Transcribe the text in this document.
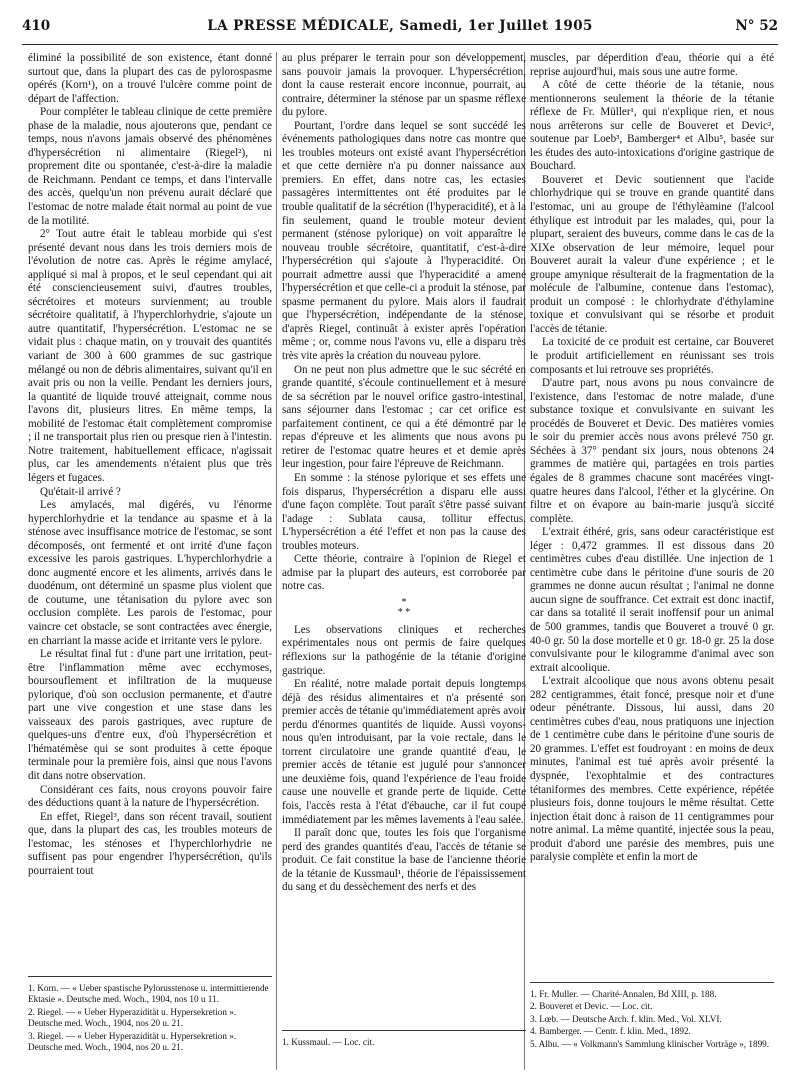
410	LA PRESSE MÉDICALE, Samedi, 1er Juillet 1905	N° 52

éliminé la possibilité de son existence, étant donné surtout que, dans la plupart des cas de pylorospasme opérés (Korn¹), on a trouvé l'ulcère comme point de départ de l'affection.

Pour compléter le tableau clinique de cette première phase de la maladie, nous ajouterons que, pendant ce temps, nous n'avons jamais observé des phénomènes d'hypersécrétion ni alimentaire (Riegel²), ni proprement dite ou spontanée, c'est-à-dire la maladie de Reichmann. Pendant ce temps, et dans l'intervalle des accès, quelqu'un non prévenu aurait déclaré que l'estomac de notre malade était normal au point de vue de la motilité.

2° Tout autre était le tableau morbide qui s'est présenté devant nous dans les trois derniers mois de l'évolution de notre cas. Après le régime amylacé, appliqué si mal à propos, et le seul cependant qui ait été consciencieusement suivi, d'autres troubles, sécrétoires et moteurs survienment; au trouble sécrétoire qualitatif, à l'hyperchlorhydrie, s'ajoute un autre quantitatif, l'hypersécrétion. L'estomac ne se vidait plus : chaque matin, on y trouvait des quantités variant de 300 à 600 grammes de suc gastrique mélangé ou non de débris alimentaires, suivant qu'il en avait pris ou non la veille. Pendant les derniers jours, la quantité de liquide trouvé atteignait, comme nous l'avons dit, plusieurs litres. En même temps, la mobilité de l'estomac était complètement compromise ; il ne transportait plus rien ou presque rien à l'intestin. Notre traitement, habituellement efficace, n'agissait plus, car les amendements n'étaient plus que très légers et fugaces.

Qu'était-il arrivé ?

Les amylacés, mal digérés, vu l'énorme hyperchlorhydrie et la tendance au spasme et à la sténose avec insuffisance motrice de l'estomac, se sont décomposés, ont fermenté et ont irrité d'une façon excessive les parois gastriques. L'hyperchlorhydrie a donc augmenté encore et les aliments, arrivés dans le duodénum, ont déterminé un spasme plus violent que de coutume, une tétanisation du pylore avec son occlusion complète. Les parois de l'estomac, pour vaincre cet obstacle, se sont contractées avec énergie, en charriant la masse acide et irritante vers le pylore.

Le résultat final fut : d'une part une irritation, peut-être l'inflammation même avec ecchymoses, boursouflement et infiltration de la muqueuse pylorique, d'où son occlusion permanente, et d'autre part une vive congestion et une stase dans les vaisseaux des parois gastriques, avec rupture de quelques-uns d'entre eux, d'où l'hypersécrétion et l'hématémèse qui se sont produites à cette époque terminale pour la première fois, ainsi que nous l'avons dit dans notre observation.

Considérant ces faits, nous croyons pouvoir faire des déductions quant à la nature de l'hypersécrétion.

En effet, Riegel³, dans son récent travail, soutient que, dans la plupart des cas, les troubles moteurs de l'estomac, les sténoses et l'hyperchlorhydrie ne suffisent pas pour engendrer l'hypersécrétion, qu'ils pourraient tout

au plus préparer le terrain pour son développement, sans pouvoir jamais la provoquer. L'hypersécrétion, dont la cause resterait encore inconnue, pourrait, au contraire, déterminer la sténose par un spasme réflexe du pylore.

Pourtant, l'ordre dans lequel se sont succédé les événements pathologiques dans notre cas montre que les troubles moteurs ont existé avant l'hypersécrétion et que cette dernière n'a pu donner naissance aux premiers. En effet, dans notre cas, les ectasies passagères intermittentes ont été produites par le trouble qualitatif de la sécrétion (l'hyperacidité), et à la fin seulement, quand le trouble moteur devient permanent (sténose pylorique) on voit apparaître le nouveau trouble sécrétoire, quantitatif, c'est-à-dire l'hypersécrétion qui s'ajoute à l'hyperacidité. On pourrait admettre aussi que l'hyperacidité a amené l'hypersécrétion et que celle-ci a produit la sténose, par spasme permanent du pylore. Mais alors il faudrait que l'hypersécrétion, indépendante de la sténose, d'après Riegel, continuât à exister après l'opération même ; or, comme nous l'avons vu, elle a disparu très très vite après la création du nouveau pylore.

On ne peut non plus admettre que le suc sécrété en grande quantité, s'écoule continuellement et à mesure de sa sécrétion par le nouvel orifice gastro-intestinal, sans séjourner dans l'estomac ; car cet orifice est parfaitement continent, ce qui a été démontré par le repas d'épreuve et les aliments que nous avons pu retirer de l'estomac quatre heures et et demie après leur ingestion, pour faire l'épreuve de Reichmann.

En somme : la sténose pylorique et ses effets une fois disparus, l'hypersécrétion a disparu elle aussi d'une façon complète. Tout paraît s'être passé suivant l'adage : Sublata causa, tollitur effectus. L'hypersécrétion a été l'effet et non pas la cause des troubles moteurs.

Cette théorie, contraire à l'opinion de Riegel et admise par la plupart des auteurs, est corroborée par notre cas.

*
* *

Les observations cliniques et recherches expérimentales nous ont permis de faire quelques réflexions sur la pathogénie de la tétanie d'origine gastrique.

En réalité, notre malade portait depuis longtemps déjà des résidus alimentaires et n'a présenté son premier accès de tétanie qu'immédiatement après avoir perdu d'énormes quantités de liquide. Aussi voyons-nous qu'en introduisant, par la voie rectale, dans le torrent circulatoire une grande quantité d'eau, le premier accès de tétanie est jugulé pour s'annoncer une deuxième fois, quand l'expérience de l'eau froide cause une nouvelle et grande perte de liquide. Cette fois, l'accès resta à l'état d'ébauche, car il fut coupé immédiatement par les mêmes lavements à l'eau salée.

Il paraît donc que, toutes les fois que l'organisme perd des grandes quantités d'eau, l'accès de tétanie se produit. Ce fait constitue la base de l'ancienne théorie de la tétanie de Kussmaul¹, théorie de l'épaississement du sang et du dessèchement des nerfs et des

muscles, par déperdition d'eau, théorie qui a été reprise aujourd'hui, mais sous une autre forme.

A côté de cette théorie de la tétanie, nous mentionnerons seulement la théorie de la tétanie réflexe de Fr. Müller¹, qui n'explique rien, et nous nous arrêterons sur celle de Bouveret et Devic², soutenue par Loeb³, Bamberger⁴ et Albu⁵, basée sur les études des auto-intoxications d'origine gastrique de Bouchard.

Bouveret et Devic soutiennent que l'acide chlorhydrique qui se trouve en grande quantité dans l'estomac, uni au groupe de l'éthylèamine (l'alcool éthylique est introduit par les malades, qui, pour la plupart, seraient des buveurs, comme dans le cas de la XIXe observation de leur mémoire, lequel pour Bouveret aurait la valeur d'une expérience ; et le groupe amynique résulterait de la fragmentation de la molécule de l'albumine, contenue dans l'estomac), produit un composé : le chlorhydrate d'éthylamine toxique et convulsivant qui se résorbe et produit l'accès de tétanie.

La toxicité de ce produit est certaine, car Bouveret le produit artificiellement en réunissant ses trois composants et lui retrouve ses propriétés.

D'autre part, nous avons pu nous convaincre de l'existence, dans l'estomac de notre malade, d'une substance toxique et convulsivante en suivant les procédés de Bouveret et Devic. Des matières vomies le soir du premier accès nous avons prélevé 750 gr. Séchées à 37° pendant six jours, nous obtenons 24 grammes de matière qui, partagées en trois parties égales de 8 grammes chacune sont macérées vingt-quatre heures dans l'alcool, l'éther et la glycérine. On filtre et on évapore au bain-marie jusqu'à siccité complète.

L'extrait éthéré, gris, sans odeur caractéristique est léger : 0,472 grammes. Il est dissous dans 20 centimètres cubes d'eau distillée. Une injection de 1 centimètre cube dans le péritoine d'une souris de 20 grammes ne donne aucun résultat ; l'animal ne donne aucun signe de souffrance. Cet extrait est donc inactif, car dans sa totalité il serait inoffensif pour un animal de 500 grammes, tandis que Bouveret a trouvé 0 gr. 40-0 gr. 50 la dose mortelle et 0 gr. 18-0 gr. 25 la dose convulsivante pour le kilogramme d'animal avec son extrait alcoolique.

L'extrait alcoolique que nous avons obtenu pesait 282 centigrammes, était foncé, presque noir et d'une odeur pénétrante. Dissous, lui aussi, dans 20 centimètres cubes d'eau, nous pratiquons une injection de 1 centimètre cube dans le péritoine d'une souris de 20 grammes. L'effet est foudroyant : en moins de deux minutes, l'animal est tué après avoir présenté la dyspnée, l'exophtalmie et des contractures tétaniformes des membres. Cette expérience, répétée plusieurs fois, donne toujours le même résultat. Cette injection était donc à raison de 11 centigrammes pour notre animal. La même quantité, injectée sous la peau, produit d'abord une parésie des membres, puis une paralysie complète et enfin la mort de

1. Korn. — « Ueber spastische Pylorusstenose u. intermittierende Ektasie ». Deutsche med. Woch., 1904, nos 10 u 11.

2. Riegel. — « Ueber Hyperazidität u. Hypersekretion ». Deutsche med. Woch., 1904, nos 20 u. 21.

3. Riegel. — « Ueber Hyperazidität u. Hypersekretion ». Deutsche med. Woch., 1904, nos 20 u. 21.

1. Kussmaul. — Loc. cit.

1. Fr. Muller. — Charité-Annalen, Bd XIII, p. 188.

2. Bouveret et Devic. — Loc. cit.

3. Lœb. — Deutsche Arch. f. klin. Med., Vol. XLVI.

4. Bamberger. — Centr. f. klin. Med., 1892.

5. Albu. — « Volkmann's Sammlung klinischer Vorträge », 1899.
